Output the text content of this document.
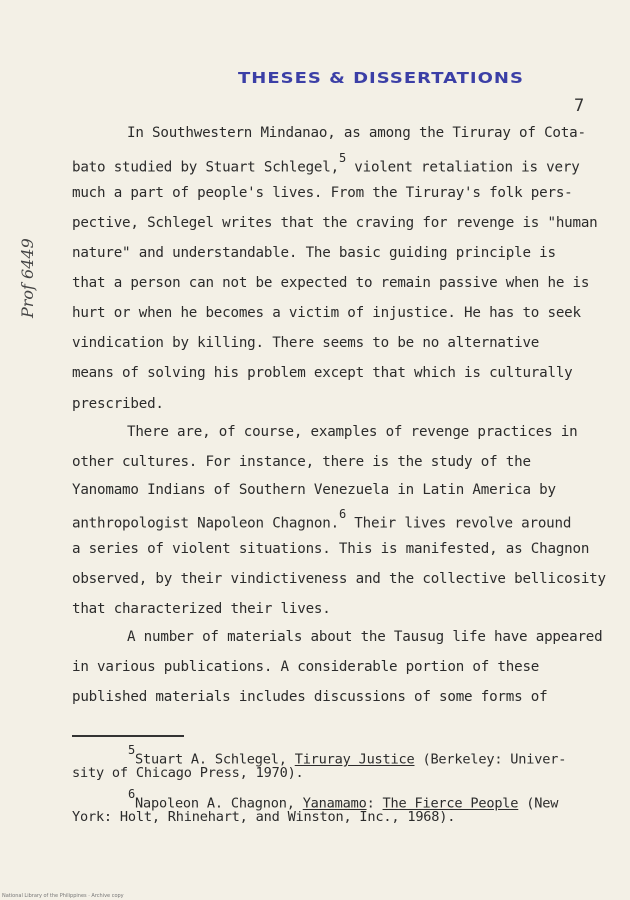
THESES & DISSERTATIONS
7
Prof 6449
In Southwestern Mindanao, as among the Tiruray of Cota-
bato studied by Stuart Schlegel,$^5$ violent retaliation is very
much a part of people's lives. From the Tiruray's folk pers-
pective, Schlegel writes that the craving for revenge is "human
nature" and understandable. The basic guiding principle is
that a person can not be expected to remain passive when he is
hurt or when he becomes a victim of injustice. He has to seek
vindication by killing. There seems to be no alternative
means of solving his problem except that which is culturally
prescribed.
There are, of course, examples of revenge practices in
other cultures. For instance, there is the study of the
Yanomamo Indians of Southern Venezuela in Latin America by
anthropologist Napoleon Chagnon.$^6$ Their lives revolve around
a series of violent situations. This is manifested, as Chagnon
observed, by their vindictiveness and the collective bellicosity
that characterized their lives.
A number of materials about the Tausug life have appeared
in various publications. A considerable portion of these
published materials includes discussions of some forms of
$^5$Stuart A. Schlegel, Tiruray Justice (Berkeley: Univer-
sity of Chicago Press, 1970).
$^6$Napoleon A. Chagnon, Yanamamo: The Fierce People (New
York: Holt, Rhinehart, and Winston, Inc., 1968).
National Library of the Philippines · Archive copy
